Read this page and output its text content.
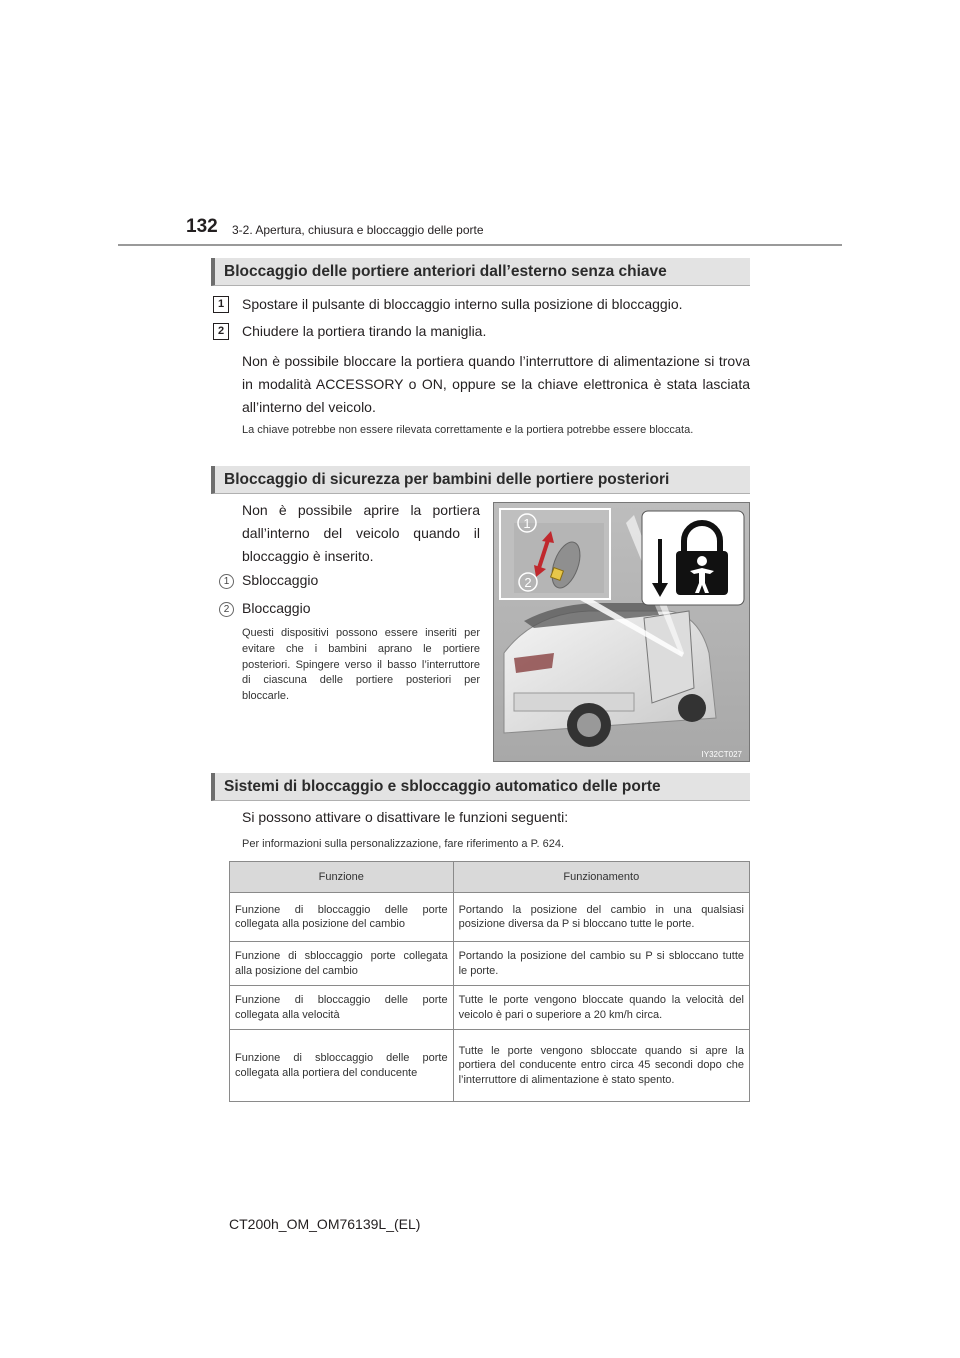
132 3-2. Apertura, chiusura e bloccaggio delle porte
Bloccaggio delle portiere anteriori dall’esterno senza chiave
1	Spostare il pulsante di bloccaggio interno sulla posizione di bloccaggio.
2	Chiudere la portiera tirando la maniglia.
Non è possibile bloccare la portiera quando l’interruttore di alimentazione si trova in modalità ACCESSORY o ON, oppure se la chiave elettronica è stata lasciata all’interno del veicolo.
La chiave potrebbe non essere rilevata correttamente e la portiera potrebbe essere bloccata.
Bloccaggio di sicurezza per bambini delle portiere posteriori
Non è possibile aprire la portiera dall’interno del veicolo quando il bloccaggio è inserito.
1 Sbloccaggio
2 Bloccaggio
Questi dispositivi possono essere inseriti per evitare che i bambini aprano le portiere posteriori. Spingere verso il basso l’interruttore di ciascuna delle portiere posteriori per bloccarle.
1
2
IY32CT027
Sistemi di bloccaggio e sbloccaggio automatico delle porte
Si possono attivare o disattivare le funzioni seguenti:
Per informazioni sulla personalizzazione, fare riferimento a P. 624.
Funzione	Funzionamento
Funzione di bloccaggio delle porte collegata alla posizione del cambio	Portando la posizione del cambio in una qualsiasi posizione diversa da P si bloccano tutte le porte.
Funzione di sbloccaggio porte collegata alla posizione del cambio	Portando la posizione del cambio su P si sbloccano tutte le porte.
Funzione di bloccaggio delle porte collegata alla velocità	Tutte le porte vengono bloccate quando la velocità del veicolo è pari o superiore a 20 km/h circa.
Funzione di sbloccaggio delle porte collegata alla portiera del conducente	Tutte le porte vengono sbloccate quando si apre la portiera del conducente entro circa 45 secondi dopo che l’interruttore di alimentazione è stato spento.
CT200h_OM_OM76139L_(EL)
